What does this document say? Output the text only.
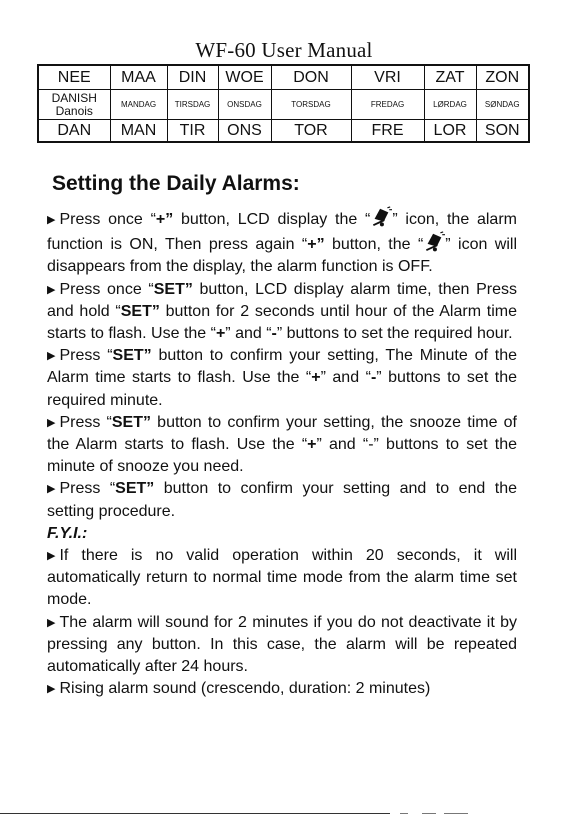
WF-60 User Manual
NEE	MAA	DIN	WOE	DON	VRI	ZAT	ZON
DANISH
Danois	MANDAG	TIRSDAG	ONSDAG	TORSDAG	FREDAG	LØRDAG	SØNDAG
DAN	MAN	TIR	ONS	TOR	FRE	LOR	SON
Setting the Daily Alarms:

▶ Press once “+” button, LCD display the “ ” icon, the alarm function is ON, Then press again “+” button, the “ ” icon will disappears from the display, the alarm function is OFF.

▶ Press once “SET” button, LCD display alarm time, then Press and hold “SET” button for 2 seconds until hour of the Alarm time starts to flash. Use the “+” and “-” buttons to set the required hour.

▶ Press “SET” button to confirm your setting, The Minute of the Alarm time starts to flash. Use the “+” and “-” buttons to set the required minute.

▶ Press “SET” button to confirm your setting, the snooze time of the Alarm starts to flash. Use the “+” and “-” buttons to set the minute of snooze you need.

▶ Press “SET” button to confirm your setting and to end the setting procedure.

F.Y.I.:

▶ If there is no valid operation within 20 seconds, it will automatically return to normal time mode from the alarm time set mode.

▶ The alarm will sound for 2 minutes if you do not deactivate it by pressing any button. In this case, the alarm will be repeated automatically after 24 hours.

▶ Rising alarm sound (crescendo, duration: 2 minutes)
